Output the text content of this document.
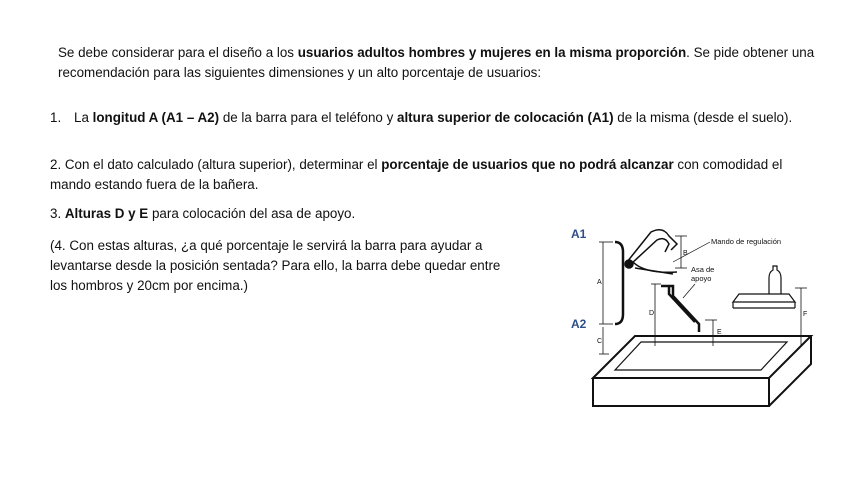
Se debe considerar para el diseño a los usuarios adultos hombres y mujeres en la misma proporción. Se pide obtener una recomendación para las siguientes dimensiones y un alto porcentaje de usuarios:
1. La longitud A (A1 – A2) de la barra para el teléfono y altura superior de colocación (A1) de la misma (desde el suelo).
2. Con el dato calculado (altura superior), determinar el porcentaje de usuarios que no podrá alcanzar con comodidad el mando estando fuera de la bañera.
3. Alturas D y E para colocación del asa de apoyo.
(4. Con estas alturas, ¿a qué porcentaje le servirá la barra para ayudar a levantarse desde la posición sentada? Para ello, la barra debe quedar entre los hombros y 20cm por encima.)
A1
A2
A
C
B
Mando de regulación
Asa de
apoyo
D
E
F
